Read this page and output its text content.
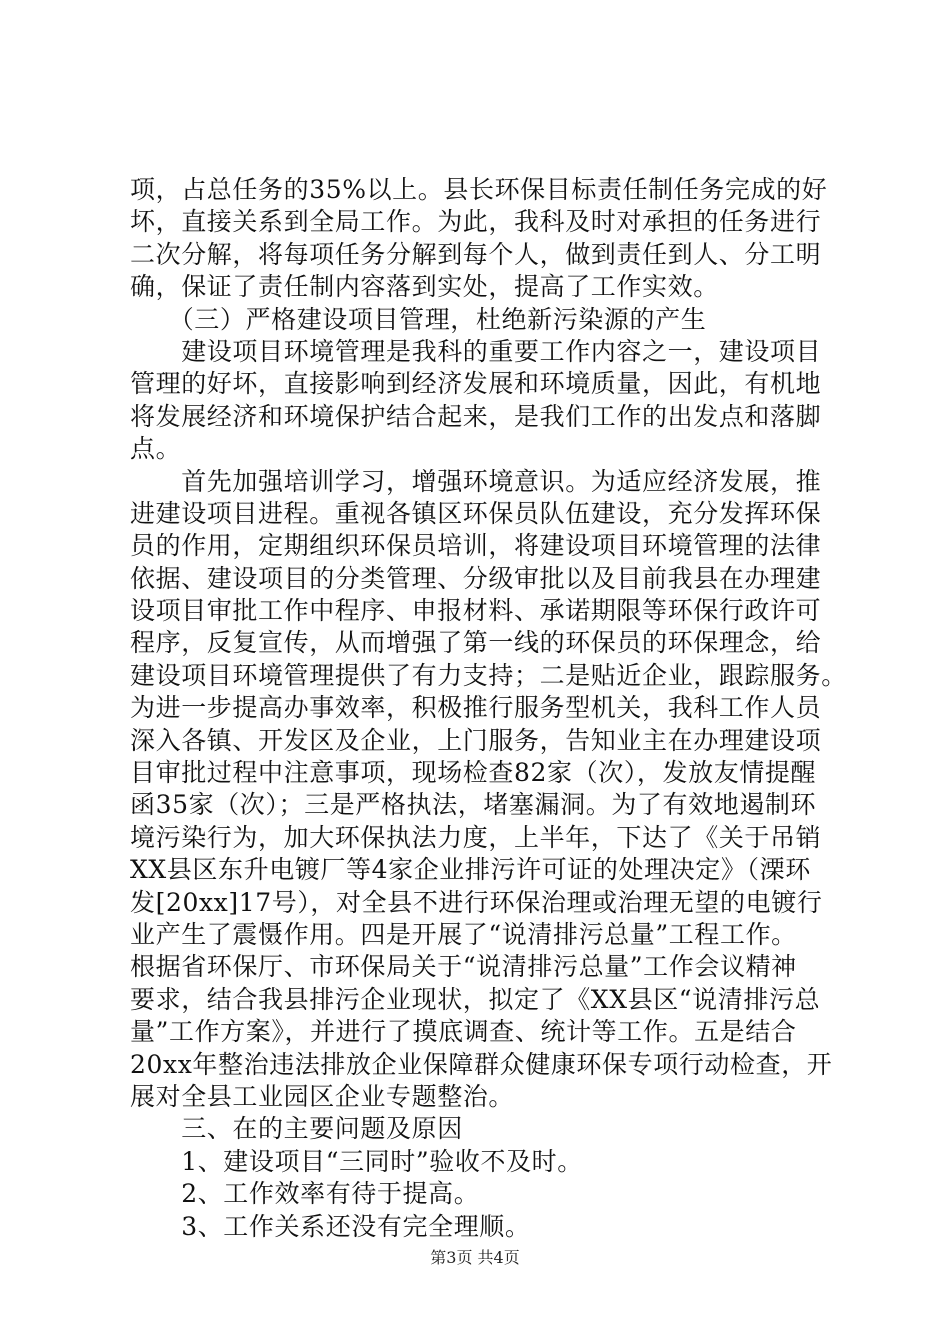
项，占总任务的35%以上。县长环保目标责任制任务完成的好
坏，直接关系到全局工作。为此，我科及时对承担的任务进行
二次分解，将每项任务分解到每个人，做到责任到人、分工明
确，保证了责任制内容落到实处，提高了工作实效。
　　（三）严格建设项目管理，杜绝新污染源的产生
　　建设项目环境管理是我科的重要工作内容之一，建设项目
管理的好坏，直接影响到经济发展和环境质量，因此，有机地
将发展经济和环境保护结合起来，是我们工作的出发点和落脚
点。
　　首先加强培训学习，增强环境意识。为适应经济发展，推
进建设项目进程。重视各镇区环保员队伍建设，充分发挥环保
员的作用，定期组织环保员培训，将建设项目环境管理的法律
依据、建设项目的分类管理、分级审批以及目前我县在办理建
设项目审批工作中程序、申报材料、承诺期限等环保行政许可
程序，反复宣传，从而增强了第一线的环保员的环保理念，给
建设项目环境管理提供了有力支持；二是贴近企业，跟踪服务。
为进一步提高办事效率，积极推行服务型机关，我科工作人员
深入各镇、开发区及企业，上门服务，告知业主在办理建设项
目审批过程中注意事项，现场检查82家（次），发放友情提醒
函35家（次）；三是严格执法，堵塞漏洞。为了有效地遏制环
境污染行为，加大环保执法力度，上半年，下达了《关于吊销
XX县区东升电镀厂等4家企业排污许可证的处理决定》（溧环
发[20xx]17号），对全县不进行环保治理或治理无望的电镀行
业产生了震慑作用。四是开展了“说清排污总量”工程工作。
根据省环保厅、市环保局关于“说清排污总量”工作会议精神
要求，结合我县排污企业现状，拟定了《XX县区“说清排污总
量”工作方案》，并进行了摸底调查、统计等工作。五是结合
20xx年整治违法排放企业保障群众健康环保专项行动检查，开
展对全县工业园区企业专题整治。
　　三、在的主要问题及原因
　　1、建设项目“三同时”验收不及时。
　　2、工作效率有待于提高。
　　3、工作关系还没有完全理顺。
第3页 共4页
